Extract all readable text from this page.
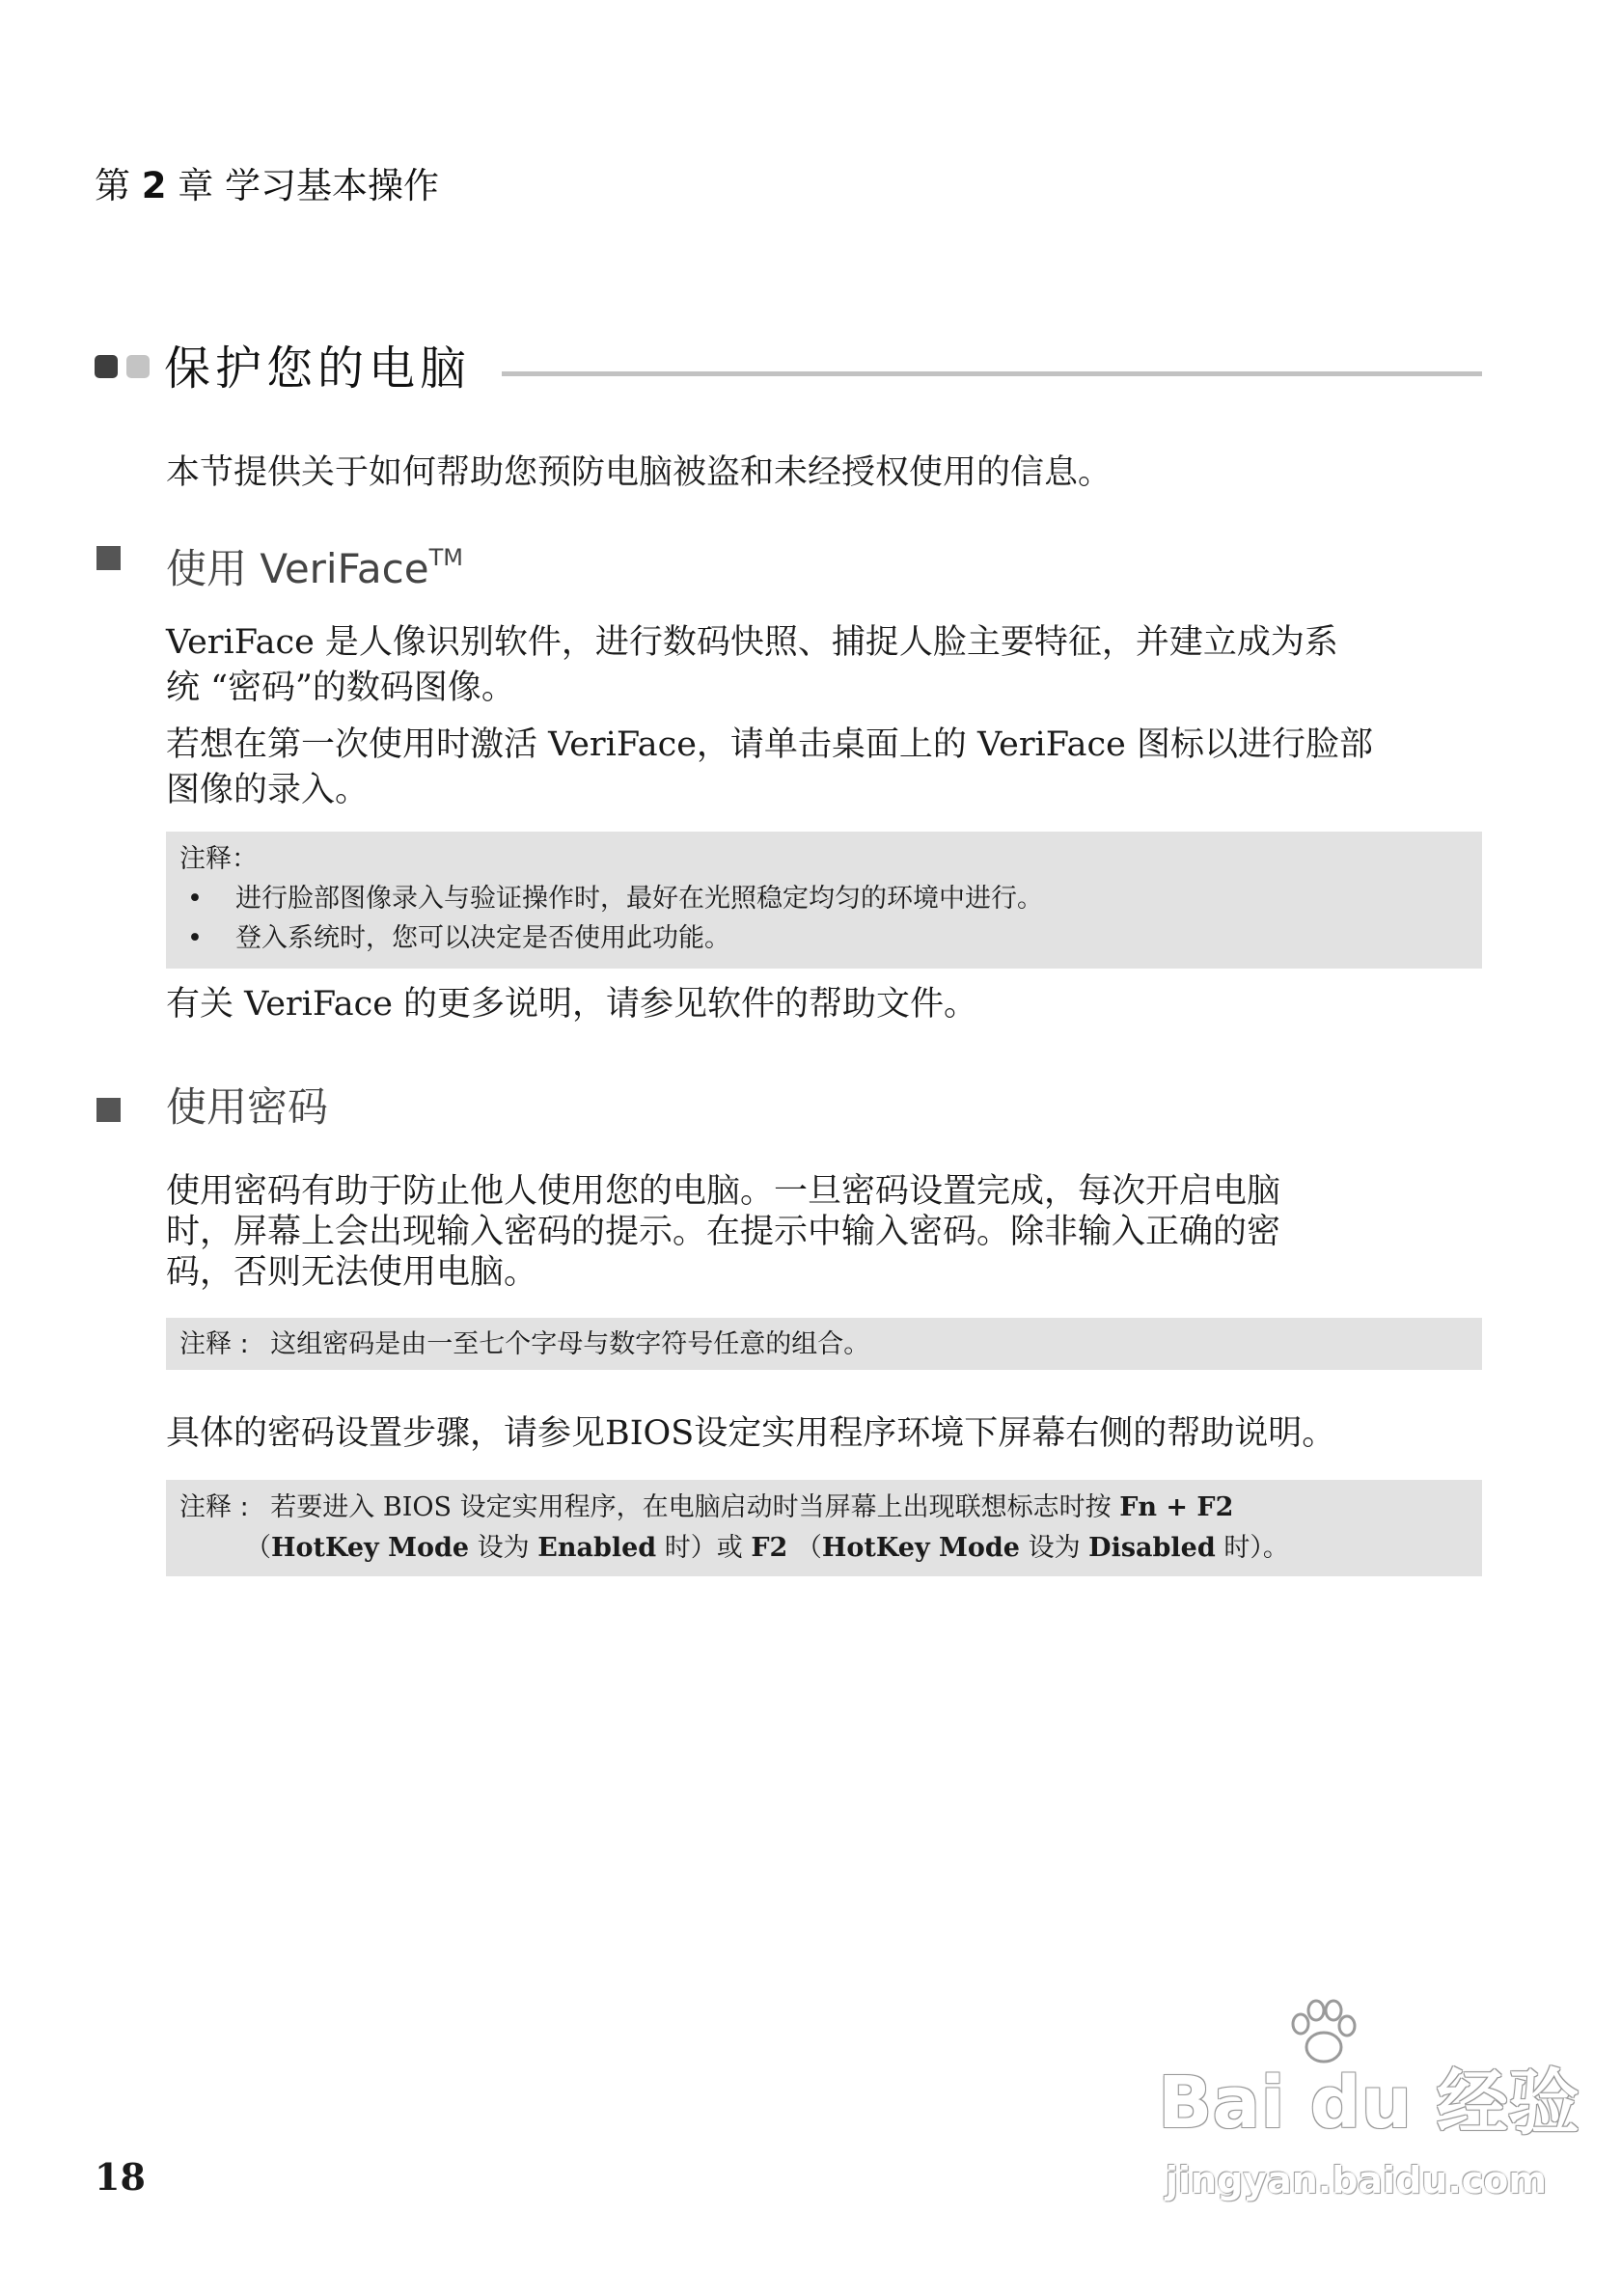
第 2 章 学习基本操作
保护您的电脑
本节提供关于如何帮助您预防电脑被盗和未经授权使用的信息。
使用 VeriFace™
VeriFace 是人像识别软件，进行数码快照、捕捉人脸主要特征，并建立成为系
统 “密码”的数码图像。
若想在第一次使用时激活 VeriFace，请单击桌面上的 VeriFace 图标以进行脸部
图像的录入。
注释：
• 进行脸部图像录入与验证操作时，最好在光照稳定均匀的环境中进行。
• 登入系统时，您可以决定是否使用此功能。
有关 VeriFace 的更多说明，请参见软件的帮助文件。
使用密码
使用密码有助于防止他人使用您的电脑。一旦密码设置完成，每次开启电脑
时，屏幕上会出现输入密码的提示。在提示中输入密码。除非输入正确的密
码，否则无法使用电脑。
注释 : 这组密码是由一至七个字母与数字符号任意的组合。
具体的密码设置步骤，请参见BIOS设定实用程序环境下屏幕右侧的帮助说明。
注释 : 若要进入 BIOS 设定实用程序，在电脑启动时当屏幕上出现联想标志时按 Fn + F2
（HotKey Mode 设为 Enabled 时）或 F2 （HotKey Mode 设为 Disabled 时）。
18
Bai du 经验
jingyan.baidu.com
